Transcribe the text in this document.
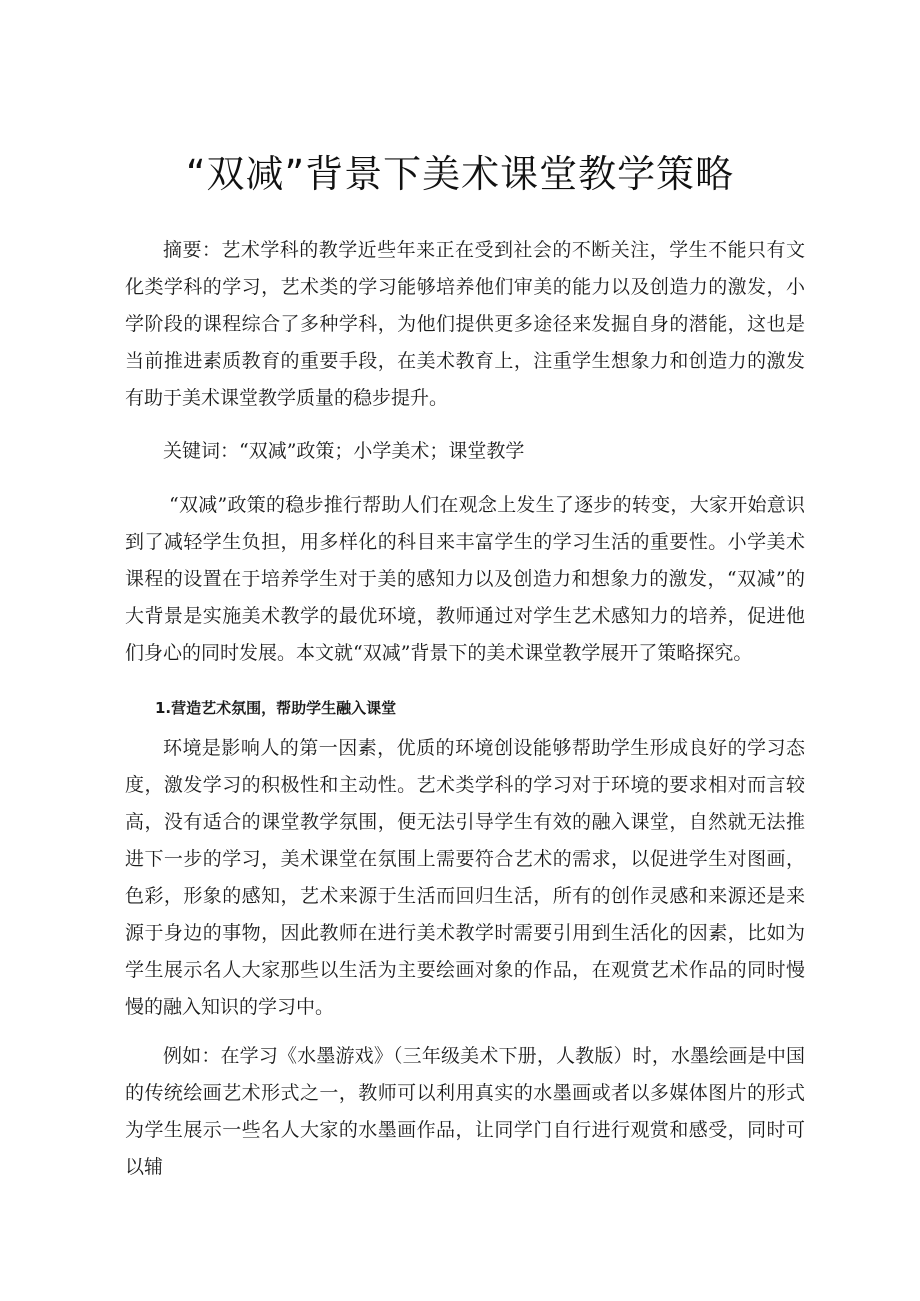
“双减”背景下美术课堂教学策略
摘要：艺术学科的教学近些年来正在受到社会的不断关注，学生不能只有文化类学科的学习，艺术类的学习能够培养他们审美的能力以及创造力的激发，小学阶段的课程综合了多种学科，为他们提供更多途径来发掘自身的潜能，这也是当前推进素质教育的重要手段，在美术教育上，注重学生想象力和创造力的激发有助于美术课堂教学质量的稳步提升。
关键词：“双减”政策；小学美术；课堂教学
“双减”政策的稳步推行帮助人们在观念上发生了逐步的转变，大家开始意识到了减轻学生负担，用多样化的科目来丰富学生的学习生活的重要性。小学美术课程的设置在于培养学生对于美的感知力以及创造力和想象力的激发，“双减”的大背景是实施美术教学的最优环境，教师通过对学生艺术感知力的培养，促进他们身心的同时发展。本文就“双减”背景下的美术课堂教学展开了策略探究。
1.营造艺术氛围，帮助学生融入课堂
环境是影响人的第一因素，优质的环境创设能够帮助学生形成良好的学习态度，激发学习的积极性和主动性。艺术类学科的学习对于环境的要求相对而言较高，没有适合的课堂教学氛围，便无法引导学生有效的融入课堂，自然就无法推进下一步的学习，美术课堂在氛围上需要符合艺术的需求，以促进学生对图画，色彩，形象的感知，艺术来源于生活而回归生活，所有的创作灵感和来源还是来源于身边的事物，因此教师在进行美术教学时需要引用到生活化的因素，比如为学生展示名人大家那些以生活为主要绘画对象的作品，在观赏艺术作品的同时慢慢的融入知识的学习中。
例如：在学习《水墨游戏》（三年级美术下册，人教版）时，水墨绘画是中国的传统绘画艺术形式之一，教师可以利用真实的水墨画或者以多媒体图片的形式为学生展示一些名人大家的水墨画作品，让同学门自行进行观赏和感受，同时可以辅
